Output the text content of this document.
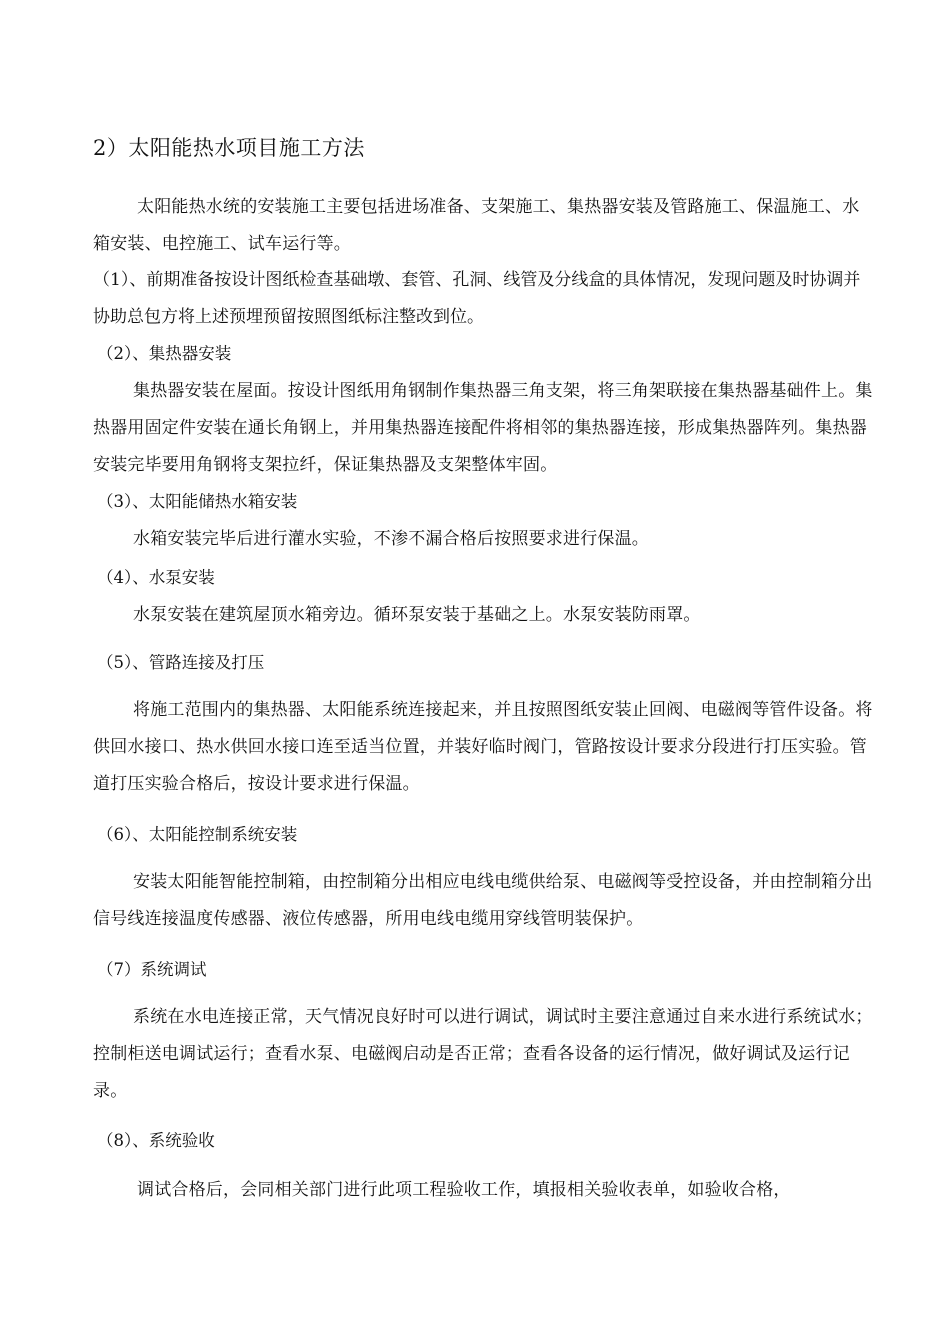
2）太阳能热水项目施工方法
太阳能热水统的安装施工主要包括进场准备、支架施工、集热器安装及管路施工、保温施工、水箱安装、电控施工、试车运行等。
（1）、前期准备按设计图纸检查基础墩、套管、孔洞、线管及分线盒的具体情况，发现问题及时协调并协助总包方将上述预埋预留按照图纸标注整改到位。
（2）、集热器安装
集热器安装在屋面。按设计图纸用角钢制作集热器三角支架，将三角架联接在集热器基础件上。集热器用固定件安装在通长角钢上，并用集热器连接配件将相邻的集热器连接，形成集热器阵列。集热器安装完毕要用角钢将支架拉纤，保证集热器及支架整体牢固。
（3）、太阳能储热水箱安装
水箱安装完毕后进行灌水实验，不渗不漏合格后按照要求进行保温。
（4）、水泵安装
水泵安装在建筑屋顶水箱旁边。循环泵安装于基础之上。水泵安装防雨罩。
（5）、管路连接及打压
将施工范围内的集热器、太阳能系统连接起来，并且按照图纸安装止回阀、电磁阀等管件设备。将供回水接口、热水供回水接口连至适当位置，并装好临时阀门，管路按设计要求分段进行打压实验。管道打压实验合格后，按设计要求进行保温。
（6）、太阳能控制系统安装
安装太阳能智能控制箱，由控制箱分出相应电线电缆供给泵、电磁阀等受控设备，并由控制箱分出信号线连接温度传感器、液位传感器，所用电线电缆用穿线管明装保护。
（7）系统调试
系统在水电连接正常，天气情况良好时可以进行调试，调试时主要注意通过自来水进行系统试水；控制柜送电调试运行；查看水泵、电磁阀启动是否正常；查看各设备的运行情况，做好调试及运行记录。
（8）、系统验收
调试合格后，会同相关部门进行此项工程验收工作，填报相关验收表单，如验收合格，
